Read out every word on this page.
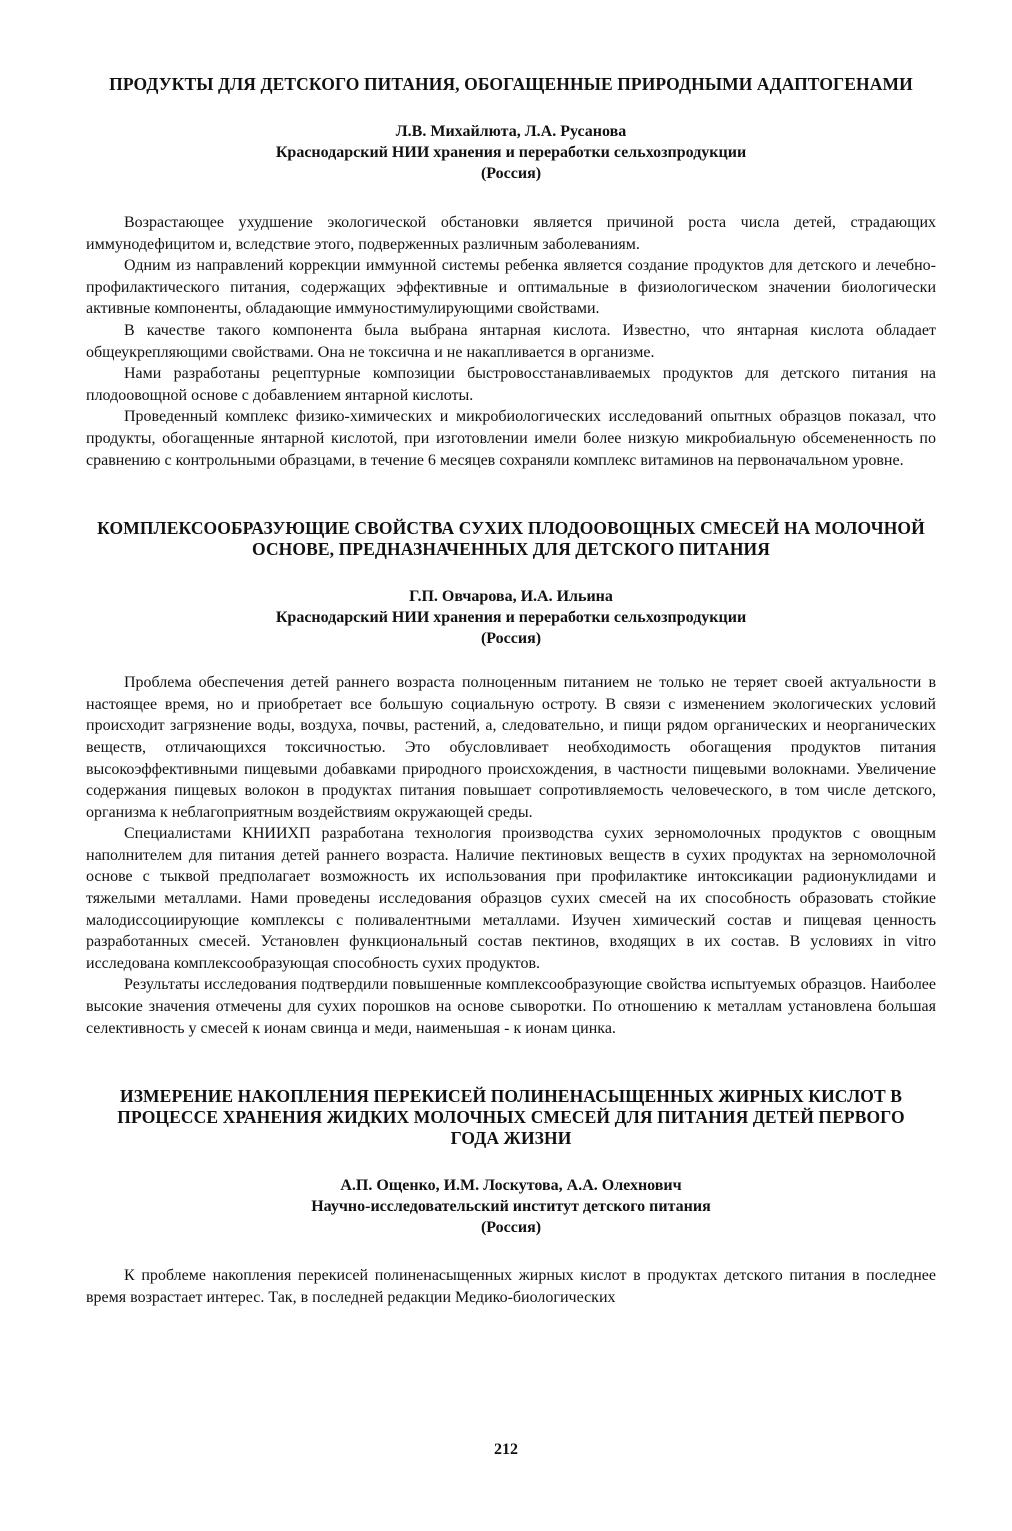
ПРОДУКТЫ ДЛЯ ДЕТСКОГО ПИТАНИЯ, ОБОГАЩЕННЫЕ ПРИРОДНЫМИ АДАПТОГЕНАМИ
Л.В. Михайлюта, Л.А. Русанова
Краснодарский НИИ хранения и переработки сельхозпродукции
(Россия)

Возрастающее ухудшение экологической обстановки является причиной роста числа детей, страдающих иммунодефицитом и, вследствие этого, подверженных различным заболеваниям.

Одним из направлений коррекции иммунной системы ребенка является создание продуктов для детского и лечебно-профилактического питания, содержащих эффективные и оптимальные в физиологическом значении биологически активные компоненты, обладающие иммуностимулирующими свойствами.

В качестве такого компонента была выбрана янтарная кислота. Известно, что янтарная кислота обладает общеукрепляющими свойствами. Она не токсична и не накапливается в организме.

Нами разработаны рецептурные композиции быстровосстанавливаемых продуктов для детского питания на плодоовощной основе с добавлением янтарной кислоты.

Проведенный комплекс физико-химических и микробиологических исследований опытных образцов показал, что продукты, обогащенные янтарной кислотой, при изготовлении имели более низкую микробиальную обсемененность по сравнению с контрольными образцами, в течение 6 месяцев сохраняли комплекс витаминов на первоначальном уровне.

КОМПЛЕКСООБРАЗУЮЩИЕ СВОЙСТВА СУХИХ ПЛОДООВОЩНЫХ СМЕСЕЙ НА МОЛОЧНОЙ ОСНОВЕ, ПРЕДНАЗНАЧЕННЫХ ДЛЯ ДЕТСКОГО ПИТАНИЯ
Г.П. Овчарова, И.А. Ильина
Краснодарский НИИ хранения и переработки сельхозпродукции
(Россия)

Проблема обеспечения детей раннего возраста полноценным питанием не только не теряет своей актуальности в настоящее время, но и приобретает все большую социальную остроту. В связи с изменением экологических условий происходит загрязнение воды, воздуха, почвы, растений, а, следовательно, и пищи рядом органических и неорганических веществ, отличающихся токсичностью. Это обусловливает необходимость обогащения продуктов питания высокоэффективными пищевыми добавками природного происхождения, в частности пищевыми волокнами. Увеличение содержания пищевых волокон в продуктах питания повышает сопротивляемость человеческого, в том числе детского, организма к неблагоприятным воздействиям окружающей среды.

Специалистами КНИИХП разработана технология производства сухих зерномолочных продуктов с овощным наполнителем для питания детей раннего возраста. Наличие пектиновых веществ в сухих продуктах на зерномолочной основе с тыквой предполагает возможность их использования при профилактике интоксикации радионуклидами и тяжелыми металлами. Нами проведены исследования образцов сухих смесей на их способность образовать стойкие малодиссоциирующие комплексы с поливалентными металлами. Изучен химический состав и пищевая ценность разработанных смесей. Установлен функциональный состав пектинов, входящих в их состав. В условиях in vitro исследована комплексообразующая способность сухих продуктов.

Результаты исследования подтвердили повышенные комплексообразующие свойства испытуемых образцов. Наиболее высокие значения отмечены для сухих порошков на основе сыворотки. По отношению к металлам установлена большая селективность у смесей к ионам свинца и меди, наименьшая - к ионам цинка.

ИЗМЕРЕНИЕ НАКОПЛЕНИЯ ПЕРЕКИСЕЙ ПОЛИНЕНАСЫЩЕННЫХ ЖИРНЫХ КИСЛОТ В ПРОЦЕССЕ ХРАНЕНИЯ ЖИДКИХ МОЛОЧНЫХ СМЕСЕЙ ДЛЯ ПИТАНИЯ ДЕТЕЙ ПЕРВОГО ГОДА ЖИЗНИ
А.П. Ощенко, И.М. Лоскутова, А.А. Олехнович
Научно-исследовательский институт детского питания
(Россия)

К проблеме накопления перекисей полиненасыщенных жирных кислот в продуктах детского питания в последнее время возрастает интерес. Так, в последней редакции Медико-биологических

212
